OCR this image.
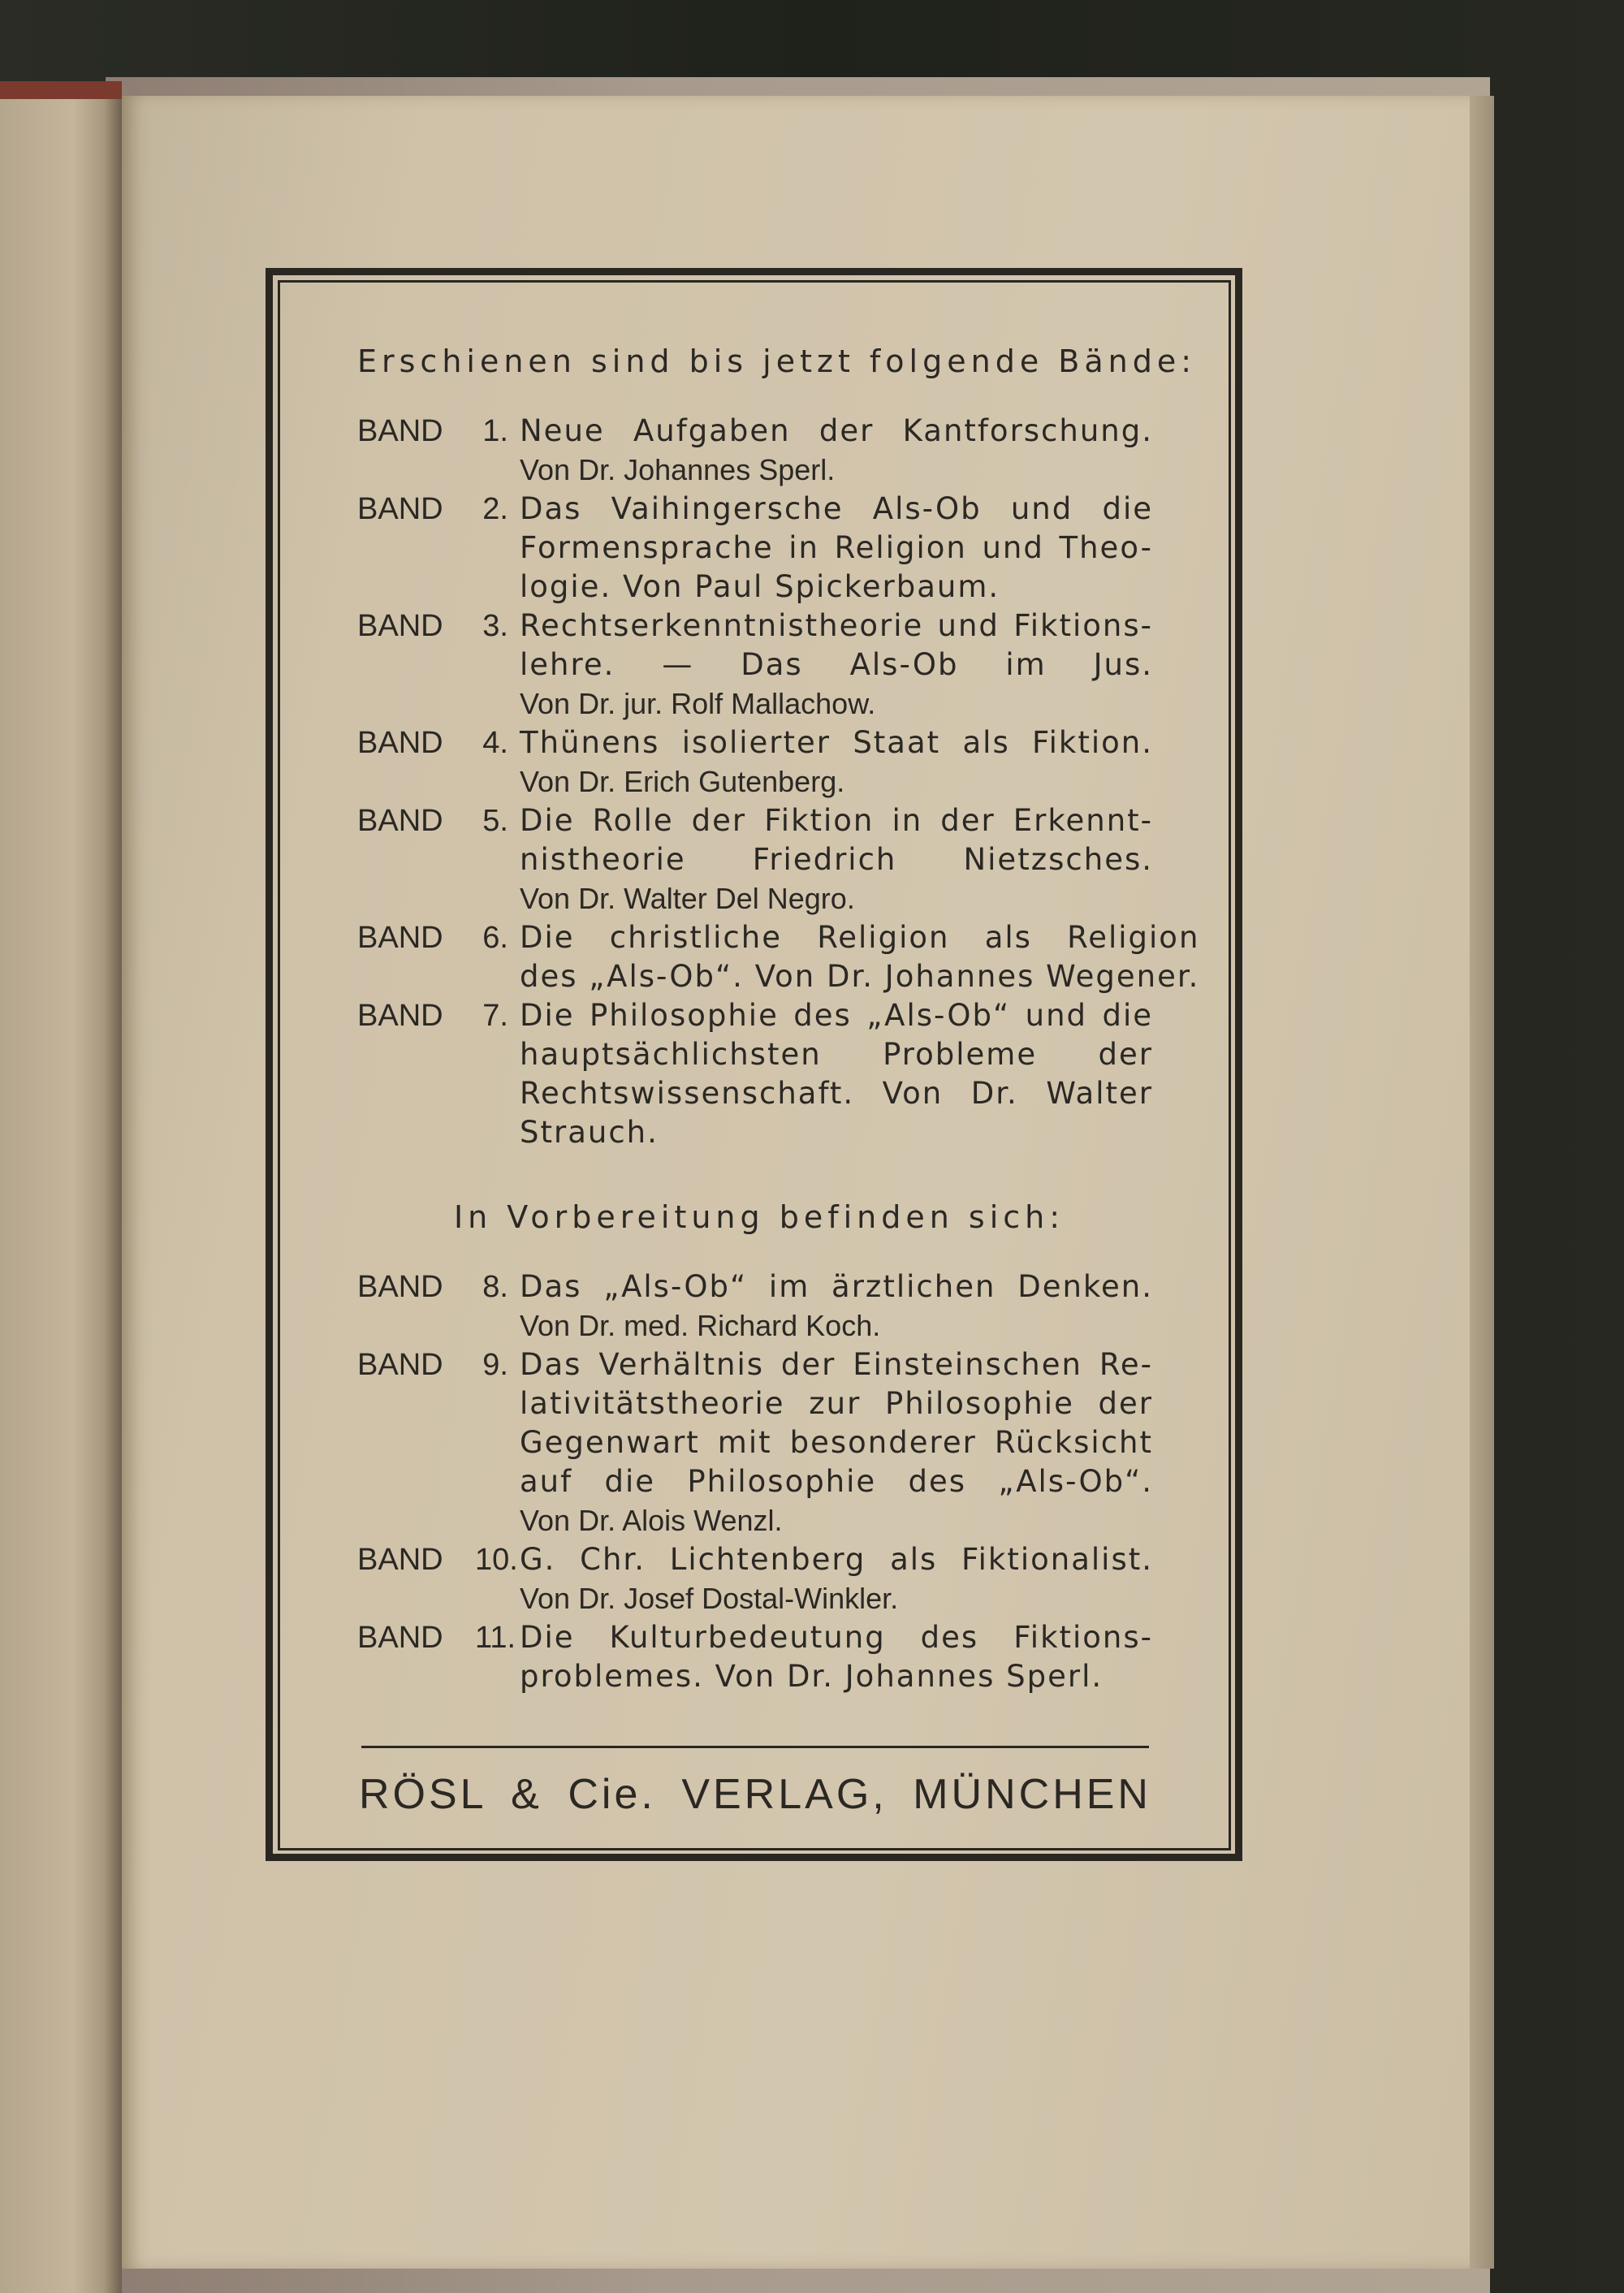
Erschienen sind bis jetzt folgende Bände:
BAND	1. Neue Aufgaben der Kantforschung.
Von Dr. Johannes Sperl.
BAND	2. Das Vaihingersche Als-Ob und die
Formensprache in Religion und Theo-
logie. Von Paul Spickerbaum.
BAND	3. Rechtserkenntnistheorie und Fiktions-
lehre. — Das Als-Ob im Jus.
Von Dr. jur. Rolf Mallachow.
BAND	4. Thünens isolierter Staat als Fiktion.
Von Dr. Erich Gutenberg.
BAND	5. Die Rolle der Fiktion in der Erkennt-
nistheorie Friedrich Nietzsches.
Von Dr. Walter Del Negro.
BAND	6. Die christliche Religion als Religion
des „Als-Ob“. Von Dr. Johannes Wegener.
BAND	7. Die Philosophie des „Als-Ob“ und die
hauptsächlichsten Probleme der
Rechtswissenschaft. Von Dr. Walter
Strauch.
In Vorbereitung befinden sich:
BAND	8. Das „Als-Ob“ im ärztlichen Denken.
Von Dr. med. Richard Koch.
BAND	9. Das Verhältnis der Einsteinschen Re-
lativitätstheorie zur Philosophie der
Gegenwart mit besonderer Rücksicht
auf die Philosophie des „Als-Ob“.
Von Dr. Alois Wenzl.
BAND	10. G. Chr. Lichtenberg als Fiktionalist.
Von Dr. Josef Dostal-Winkler.
BAND	11. Die Kulturbedeutung des Fiktions-
problemes. Von Dr. Johannes Sperl.
RÖSL & Cie. VERLAG, MÜNCHEN
